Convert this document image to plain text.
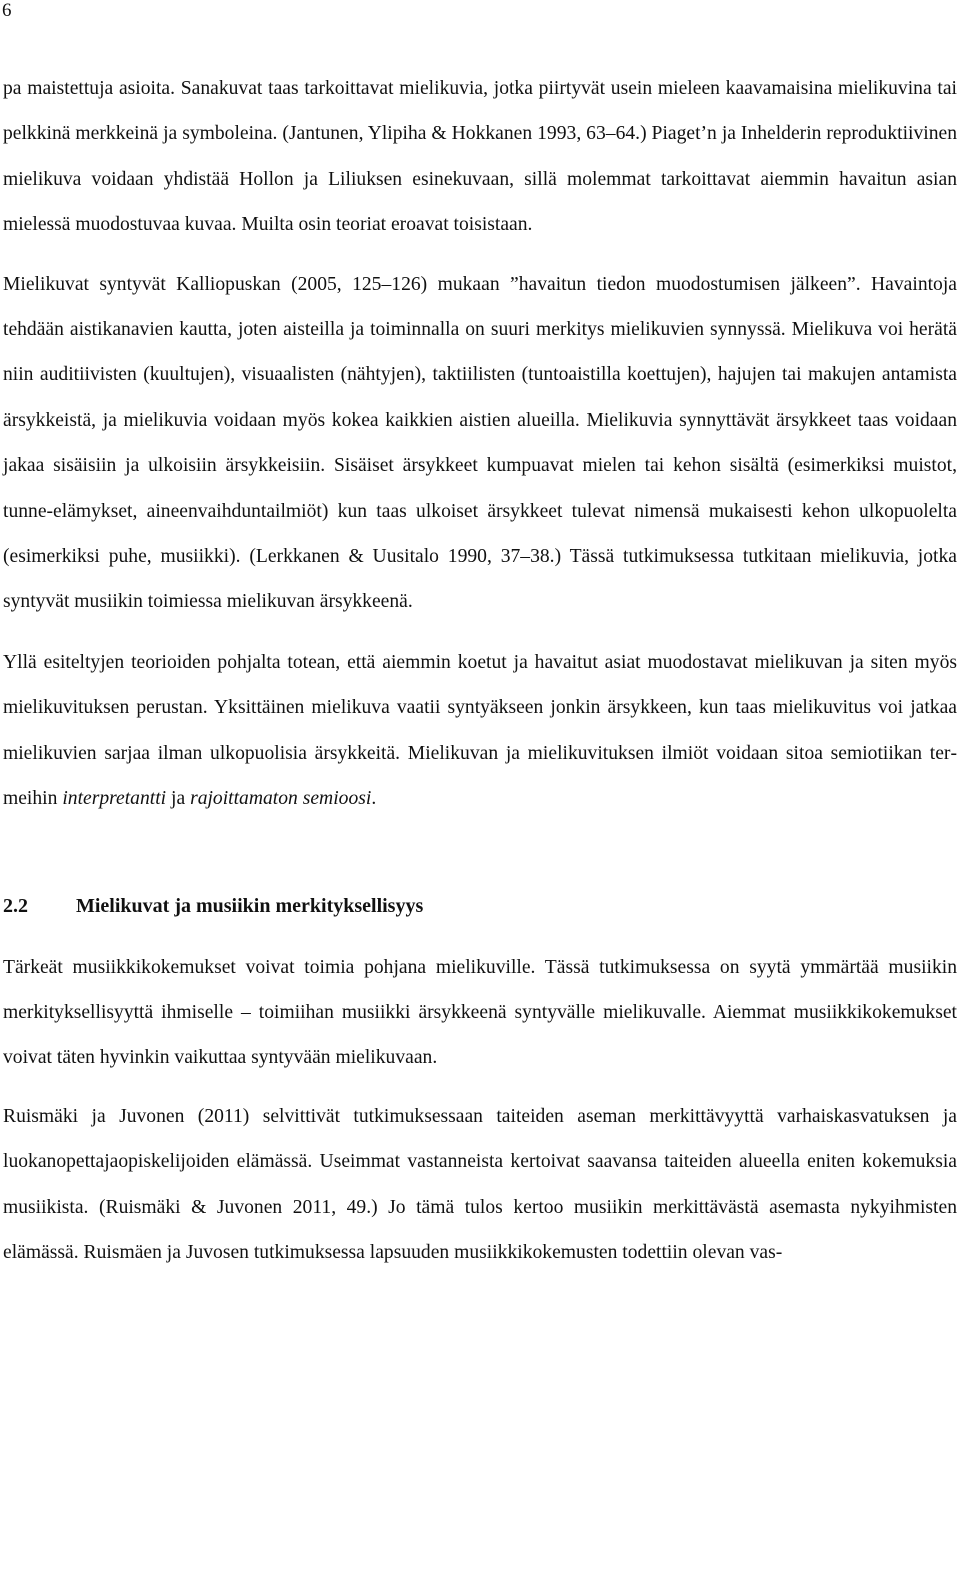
6

pa maistettuja asioita. Sanakuvat taas tarkoittavat mielikuvia, jotka piirtyvät usein mieleen kaavamaisina mielikuvina tai pelkkinä merkkeinä ja symboleina. (Jantunen, Ylipiha & Hokkanen 1993, 63–64.) Piaget’n ja Inhelderin reproduktiivinen mielikuva voidaan yhdistää Hollon ja Liliuksen esinekuvaan, sillä molemmat tarkoittavat aiemmin havaitun asian mielessä muodostuvaa kuvaa. Muilta osin teoriat eroavat toisistaan.

Mielikuvat syntyvät Kalliopuskan (2005, 125–126) mukaan ”havaitun tiedon muodostumisen jälkeen”. Havaintoja tehdään aistikanavien kautta, joten aisteilla ja toiminnalla on suuri merkitys mielikuvien synnyssä. Mielikuva voi herätä niin auditiivisten (kuultujen), visuaalisten (nähtyjen), taktiilisten (tuntoaistilla koettujen), hajujen tai makujen antamista ärsykkeistä, ja mielikuvia voidaan myös kokea kaikkien aistien alueilla. Mielikuvia synnyttävät ärsykkeet taas voidaan jakaa sisäisiin ja ulkoisiin ärsykkeisiin. Sisäiset ärsykkeet kumpuavat mielen tai kehon sisältä (esimerkiksi muistot, tunne-elämykset, aineenvaihduntailmiöt) kun taas ulkoiset ärsykkeet tulevat nimensä mukaisesti kehon ulkopuolelta (esimerkiksi puhe, musiikki). (Lerkkanen & Uusitalo 1990, 37–38.) Tässä tutkimuksessa tutkitaan mielikuvia, jotka syntyvät musiikin toimiessa mielikuvan ärsykkeenä.

Yllä esiteltyjen teorioiden pohjalta totean, että aiemmin koetut ja havaitut asiat muodostavat mielikuvan ja siten myös mielikuvituksen perustan. Yksittäinen mielikuva vaatii syntyäkseen jonkin ärsykkeen, kun taas mielikuvitus voi jatkaa mielikuvien sarjaa ilman ulkopuolisia ärsykkeitä. Mielikuvan ja mielikuvituksen ilmiöt voidaan sitoa semiotiikan termeihin interpretantti ja rajoittamaton semioosi.

2.2	Mielikuvat ja musiikin merkityksellisyys

Tärkeät musiikkikokemukset voivat toimia pohjana mielikuville. Tässä tutkimuksessa on syytä ymmärtää musiikin merkityksellisyyttä ihmiselle – toimiihan musiikki ärsykkeenä syntyvälle mielikuvalle. Aiemmat musiikkikokemukset voivat täten hyvinkin vaikuttaa syntyvään mielikuvaan.

Ruismäki ja Juvonen (2011) selvittivät tutkimuksessaan taiteiden aseman merkittävyyttä varhaiskasvatuksen ja luokanopettajaopiskelijoiden elämässä. Useimmat vastanneista kertoivat saavansa taiteiden alueella eniten kokemuksia musiikista. (Ruismäki & Juvonen 2011, 49.) Jo tämä tulos kertoo musiikin merkittävästä asemasta nykyihmisten elämässä. Ruismäen ja Juvosen tutkimuksessa lapsuuden musiikkikokemusten todettiin olevan vas-
